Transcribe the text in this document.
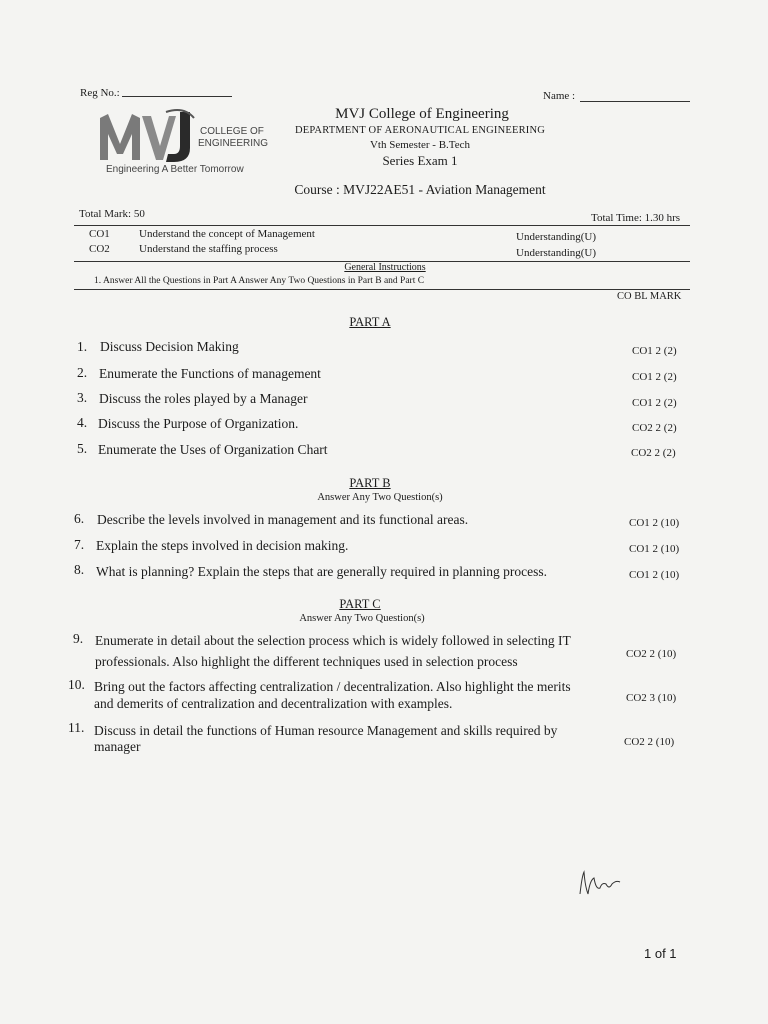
Reg No.:	Name :
COLLEGE OF
ENGINEERING
Engineering A Better Tomorrow
MVJ College of Engineering
DEPARTMENT OF AERONAUTICAL ENGINEERING
Vth Semester - B.Tech
Series Exam 1
Course : MVJ22AE51 - Aviation Management
Total Mark: 50	Total Time: 1.30 hrs
CO1	Understand the concept of Management	Understanding(U)
CO2	Understand the staffing process	Understanding(U)
General Instructions
1. Answer All the Questions in Part A Answer Any Two Questions in Part B and Part C
CO BL MARK
PART A
1. Discuss Decision Making	CO1 2 (2)
2. Enumerate the Functions of management	CO1 2 (2)
3. Discuss the roles played by a Manager	CO1 2 (2)
4. Discuss the Purpose of Organization.	CO2 2 (2)
5. Enumerate the Uses of Organization Chart	CO2 2 (2)
PART B
Answer Any Two Question(s)
6. Describe the levels involved in management and its functional areas.	CO1 2 (10)
7. Explain the steps involved in decision making.	CO1 2 (10)
8. What is planning? Explain the steps that are generally required in planning process.	CO1 2 (10)
PART C
Answer Any Two Question(s)
9. Enumerate in detail about the selection process which is widely followed in selecting IT
professionals. Also highlight the different techniques used in selection process	CO2 2 (10)
10. Bring out the factors affecting centralization / decentralization. Also highlight the merits
and demerits of centralization and decentralization with examples.	CO2 3 (10)
11. Discuss in detail the functions of Human resource Management and skills required by
manager	CO2 2 (10)
1 of 1
